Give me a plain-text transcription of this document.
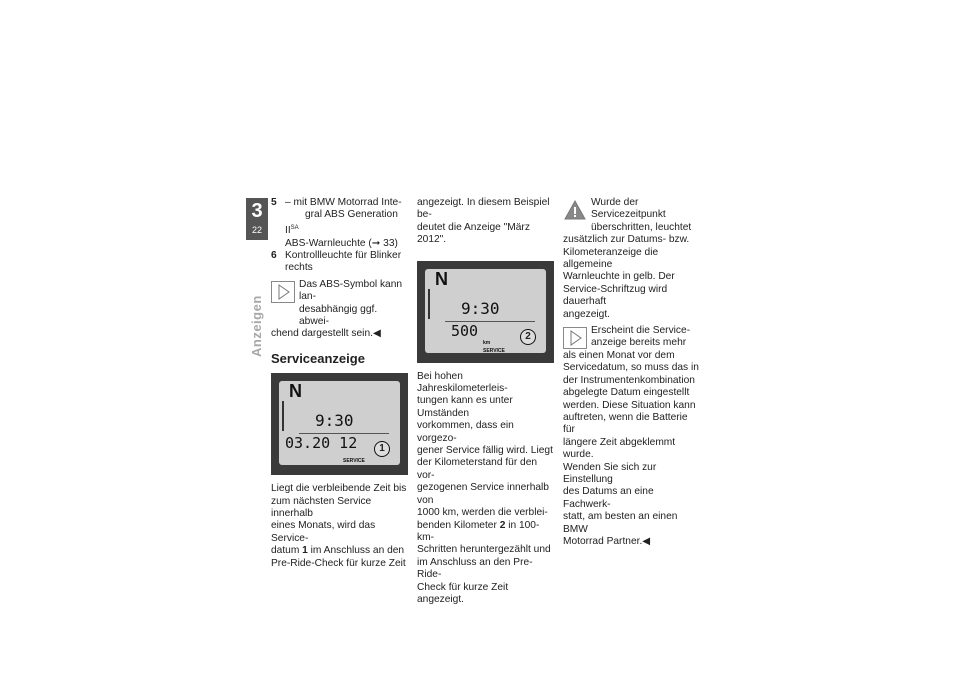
3
22
Anzeigen
5 – mit BMW Motorrad Inte-
gral ABS Generation $II^{SA}$
ABS-Warnleuchte (➞ 33)
6 Kontrollleuchte für Blinker
rechts
Das ABS-Symbol kann lan-
desabhängig ggf. abwei-
chend dargestellt sein.◀
Serviceanzeige
N
9:30
03.20 12
SERVICE
1
Liegt die verbleibende Zeit bis
zum nächsten Service innerhalb
eines Monats, wird das Service-
datum 1 im Anschluss an den
Pre-Ride-Check für kurze Zeit
angezeigt. In diesem Beispiel be-
deutet die Anzeige "März 2012".
N
9:30
500
km
SERVICE
2
Bei hohen Jahreskilometerleis-
tungen kann es unter Umständen
vorkommen, dass ein vorgezo-
gener Service fällig wird. Liegt
der Kilometerstand für den vor-
gezogenen Service innerhalb von
1000 km, werden die verblei-
benden Kilometer 2 in 100-km-
Schritten heruntergezählt und
im Anschluss an den Pre-Ride-
Check für kurze Zeit angezeigt.
Wurde der Servicezeitpunkt
überschritten, leuchtet
zusätzlich zur Datums- bzw.
Kilometeranzeige die allgemeine
Warnleuchte in gelb. Der
Service-Schriftzug wird dauerhaft
angezeigt.
Erscheint die Service-
anzeige bereits mehr
als einen Monat vor dem
Servicedatum, so muss das in
der Instrumentenkombination
abgelegte Datum eingestellt
werden. Diese Situation kann
auftreten, wenn die Batterie für
längere Zeit abgeklemmt wurde.
Wenden Sie sich zur Einstellung
des Datums an eine Fachwerk-
statt, am besten an einen BMW
Motorrad Partner.◀
